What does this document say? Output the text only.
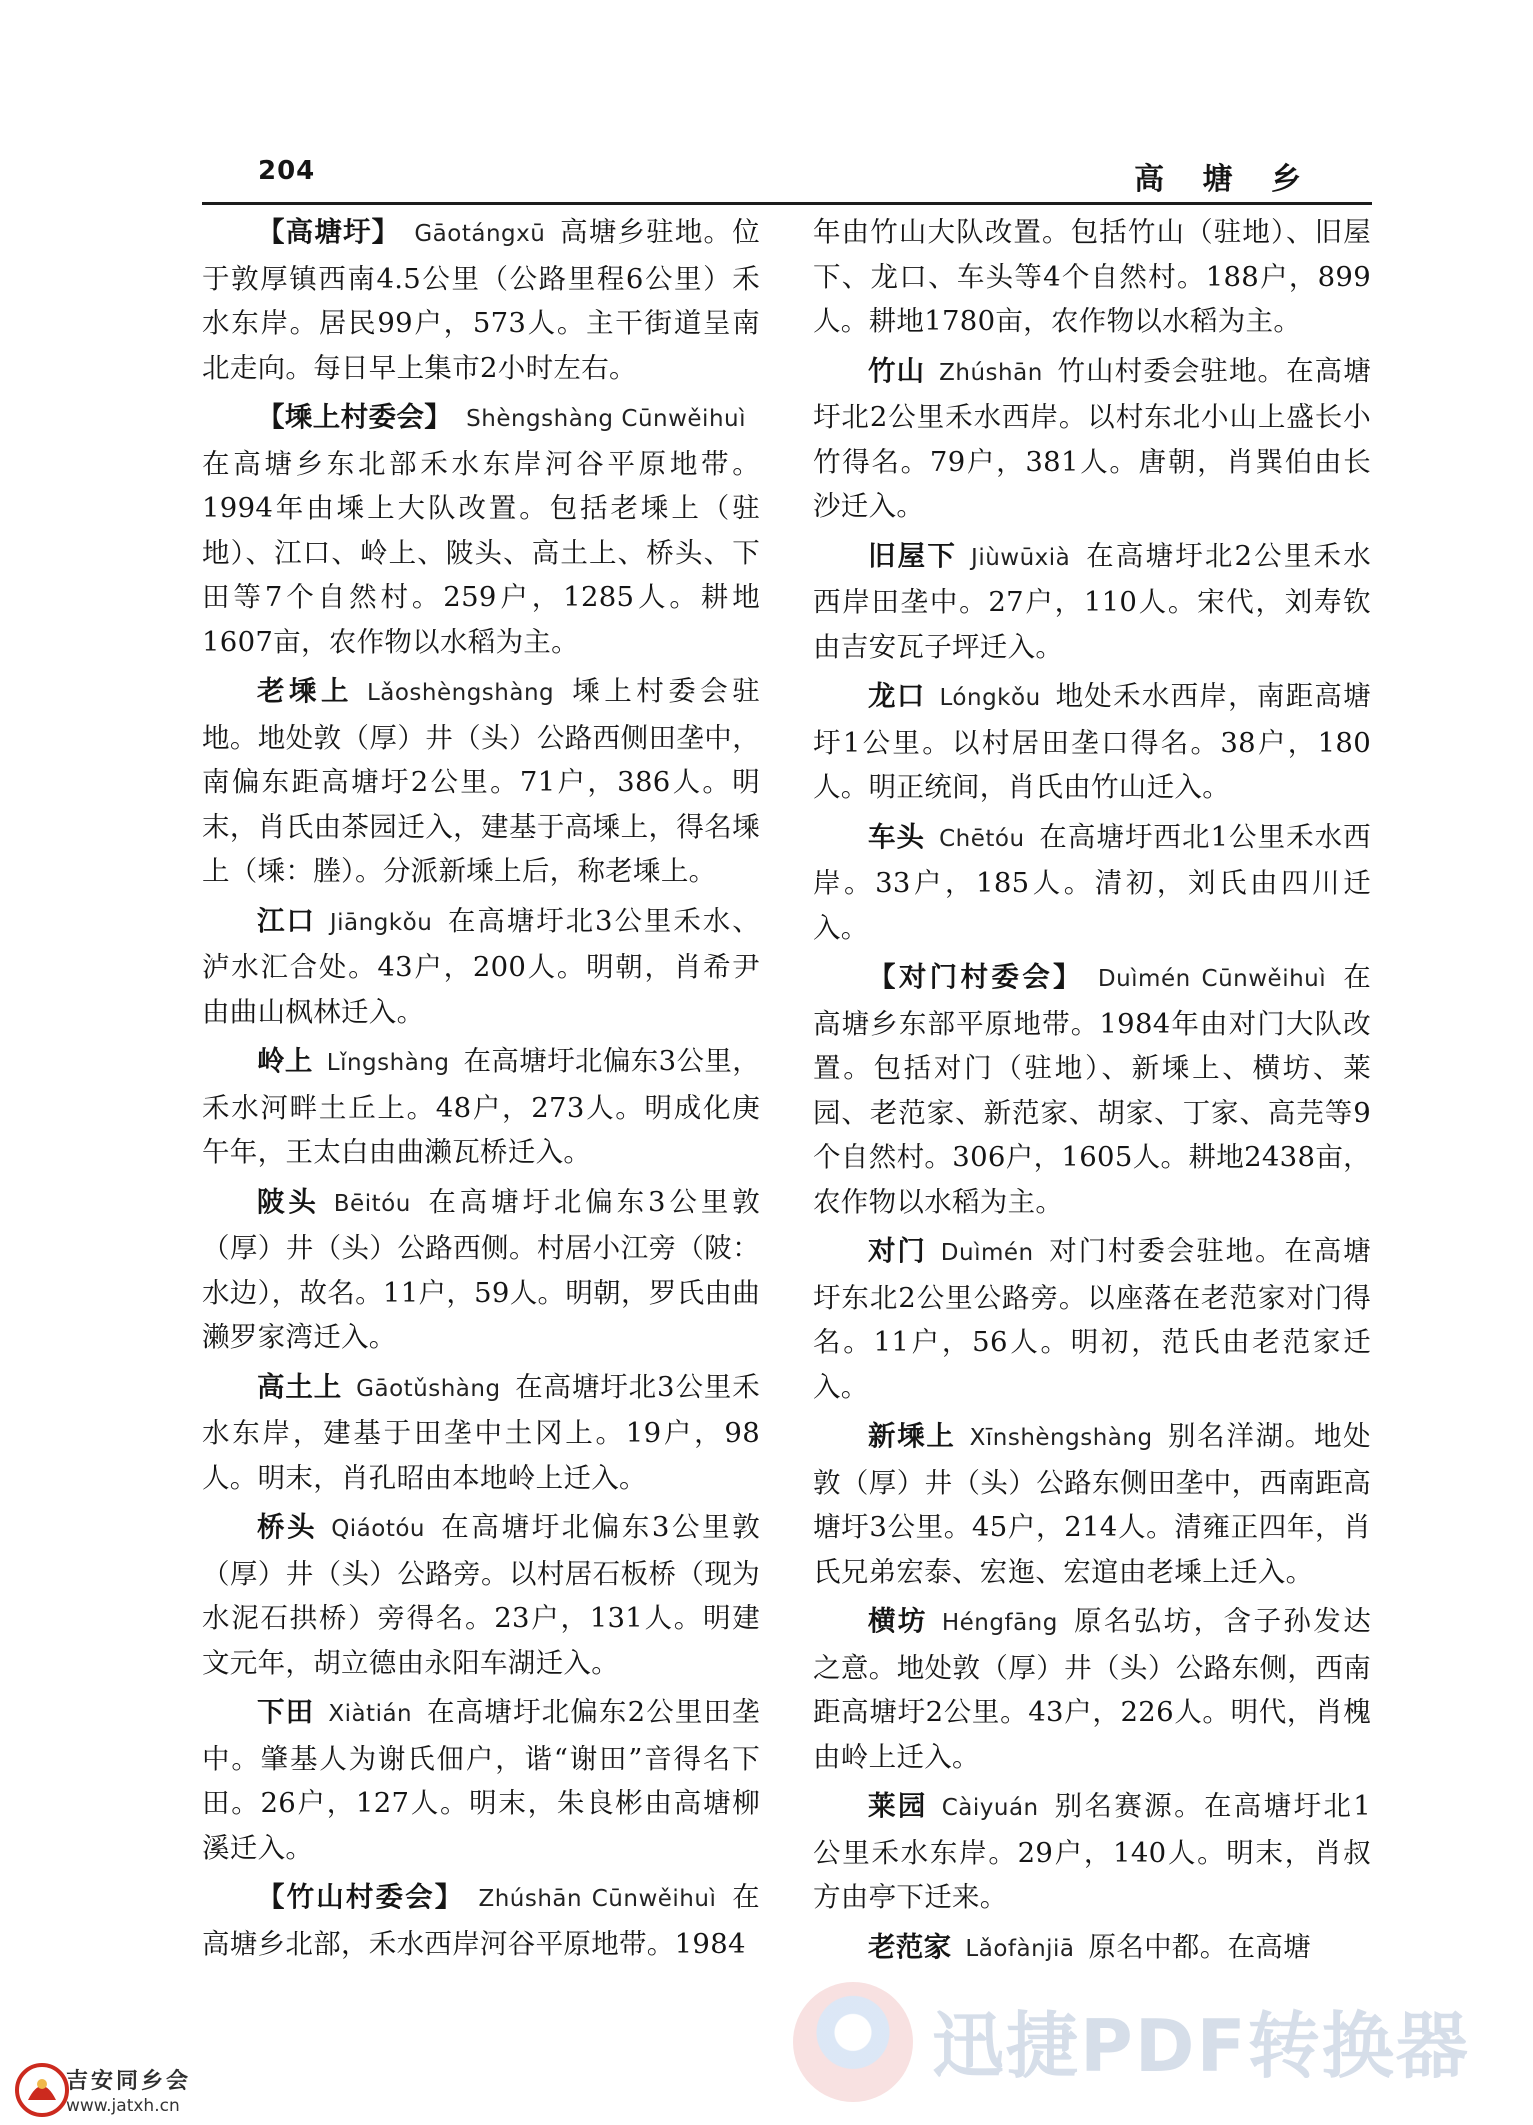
204	高 塘 乡

【高塘圩】 Gāotángxū 高塘乡驻地。位于敦厚镇西南4.5公里（公路里程6公里）禾水东岸。居民99户，573人。主干街道呈南北走向。每日早上集市2小时左右。

【塖上村委会】 Shèngshàng Cūnwěihuì在高塘乡东北部禾水东岸河谷平原地带。1994年由塖上大队改置。包括老塖上（驻地）、江口、岭上、陂头、高土上、桥头、下田等7个自然村。259户，1285人。耕地1607亩，农作物以水稻为主。

老塖上 Lǎoshèngshàng 塖上村委会驻地。地处敦（厚）井（头）公路西侧田垄中，南偏东距高塘圩2公里。71户，386人。明末，肖氏由茶园迁入，建基于高塖上，得名塖上（塖：塍）。分派新塖上后，称老塖上。

江口 Jiāngkǒu 在高塘圩北3公里禾水、泸水汇合处。43户，200人。明朝，肖希尹由曲山枫林迁入。

岭上 Lǐngshàng 在高塘圩北偏东3公里，禾水河畔土丘上。48户，273人。明成化庚午年，王太白由曲濑瓦桥迁入。

陂头 Bēitóu 在高塘圩北偏东3公里敦（厚）井（头）公路西侧。村居小江旁（陂：水边），故名。11户，59人。明朝，罗氏由曲濑罗家湾迁入。

高土上 Gāotǔshàng 在高塘圩北3公里禾水东岸，建基于田垄中土冈上。19户，98人。明末，肖孔昭由本地岭上迁入。

桥头 Qiáotóu 在高塘圩北偏东3公里敦（厚）井（头）公路旁。以村居石板桥（现为水泥石拱桥）旁得名。23户，131人。明建文元年，胡立德由永阳车湖迁入。

下田 Xiàtián 在高塘圩北偏东2公里田垄中。肇基人为谢氏佃户，谐“谢田”音得名下田。26户，127人。明末，朱良彬由高塘柳溪迁入。

【竹山村委会】 Zhúshān Cūnwěihuì 在高塘乡北部，禾水西岸河谷平原地带。1984

年由竹山大队改置。包括竹山（驻地）、旧屋下、龙口、车头等4个自然村。188户，899人。耕地1780亩，农作物以水稻为主。

竹山 Zhúshān 竹山村委会驻地。在高塘圩北2公里禾水西岸。以村东北小山上盛长小竹得名。79户，381人。唐朝，肖巽伯由长沙迁入。

旧屋下 Jiùwūxià 在高塘圩北2公里禾水西岸田垄中。27户，110人。宋代，刘寿钦由吉安瓦子坪迁入。

龙口 Lóngkǒu 地处禾水西岸，南距高塘圩1公里。以村居田垄口得名。38户，180人。明正统间，肖氏由竹山迁入。

车头 Chētóu 在高塘圩西北1公里禾水西岸。33户，185人。清初，刘氏由四川迁入。

【对门村委会】 Duìmén Cūnwěihuì 在高塘乡东部平原地带。1984年由对门大队改置。包括对门（驻地）、新塖上、横坊、莱园、老范家、新范家、胡家、丁家、高芫等9个自然村。306户，1605人。耕地2438亩，农作物以水稻为主。

对门 Duìmén 对门村委会驻地。在高塘圩东北2公里公路旁。以座落在老范家对门得名。11户，56人。明初，范氏由老范家迁入。

新塖上 Xīnshèngshàng 别名洋湖。地处敦（厚）井（头）公路东侧田垄中，西南距高塘圩3公里。45户，214人。清雍正四年，肖氏兄弟宏泰、宏迤、宏逭由老塖上迁入。

横坊 Héngfāng 原名弘坊，含子孙发达之意。地处敦（厚）井（头）公路东侧，西南距高塘圩2公里。43户，226人。明代，肖槐由岭上迁入。

莱园 Càiyuán 别名赛源。在高塘圩北1公里禾水东岸。29户，140人。明末，肖叔方由亭下迁来。

老范家 Lǎofànjiā 原名中都。在高塘

迅捷PDF转换器
吉安同乡会
www.jatxh.cn
